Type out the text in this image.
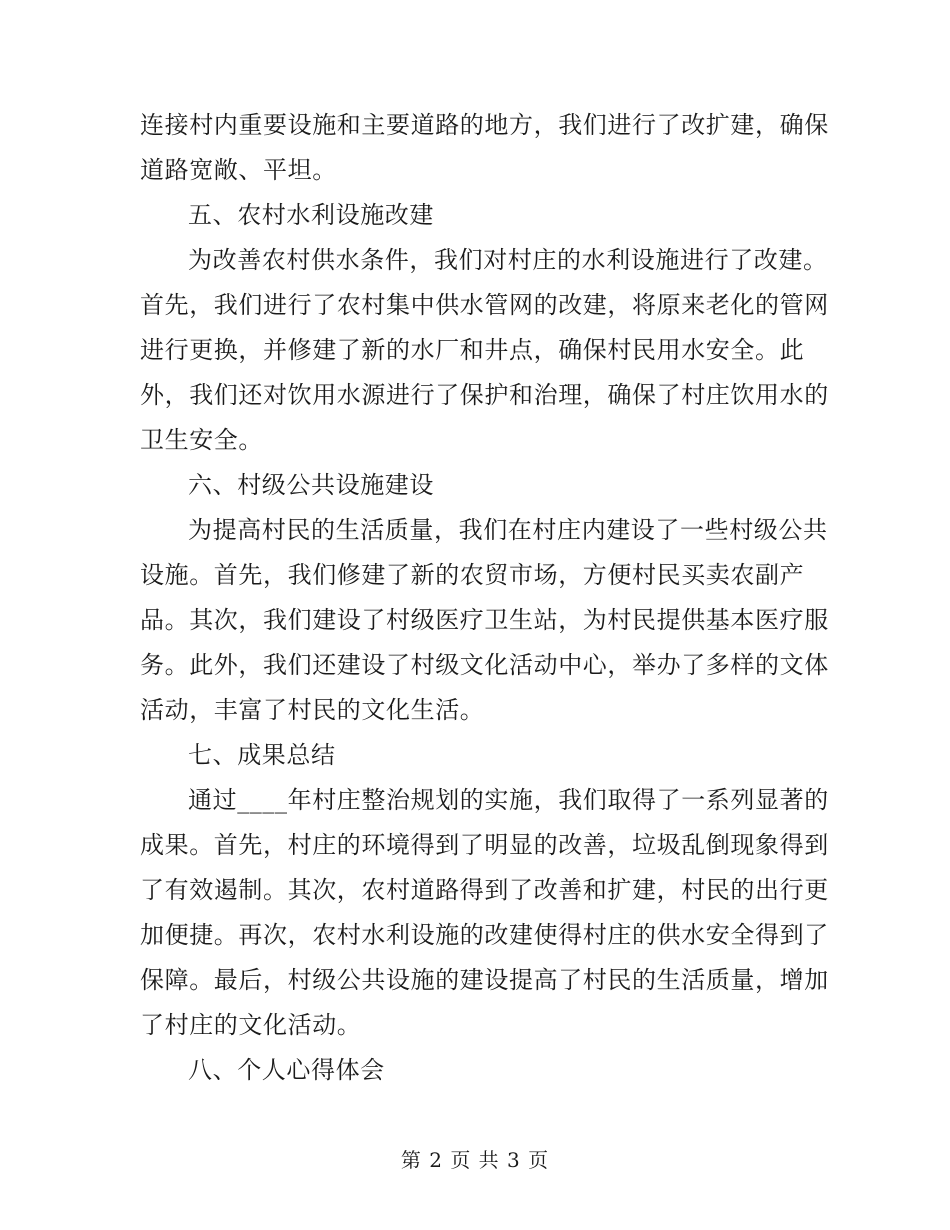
连接村内重要设施和主要道路的地方，我们进行了改扩建，确保
道路宽敞、平坦。
五、农村水利设施改建
为改善农村供水条件，我们对村庄的水利设施进行了改建。
首先，我们进行了农村集中供水管网的改建，将原来老化的管网
进行更换，并修建了新的水厂和井点，确保村民用水安全。此
外，我们还对饮用水源进行了保护和治理，确保了村庄饮用水的
卫生安全。
六、村级公共设施建设
为提高村民的生活质量，我们在村庄内建设了一些村级公共
设施。首先，我们修建了新的农贸市场，方便村民买卖农副产
品。其次，我们建设了村级医疗卫生站，为村民提供基本医疗服
务。此外，我们还建设了村级文化活动中心，举办了多样的文体
活动，丰富了村民的文化生活。
七、成果总结
通过____年村庄整治规划的实施，我们取得了一系列显著的
成果。首先，村庄的环境得到了明显的改善，垃圾乱倒现象得到
了有效遏制。其次，农村道路得到了改善和扩建，村民的出行更
加便捷。再次，农村水利设施的改建使得村庄的供水安全得到了
保障。最后，村级公共设施的建设提高了村民的生活质量，增加
了村庄的文化活动。
八、个人心得体会
第 2 页 共 3 页
